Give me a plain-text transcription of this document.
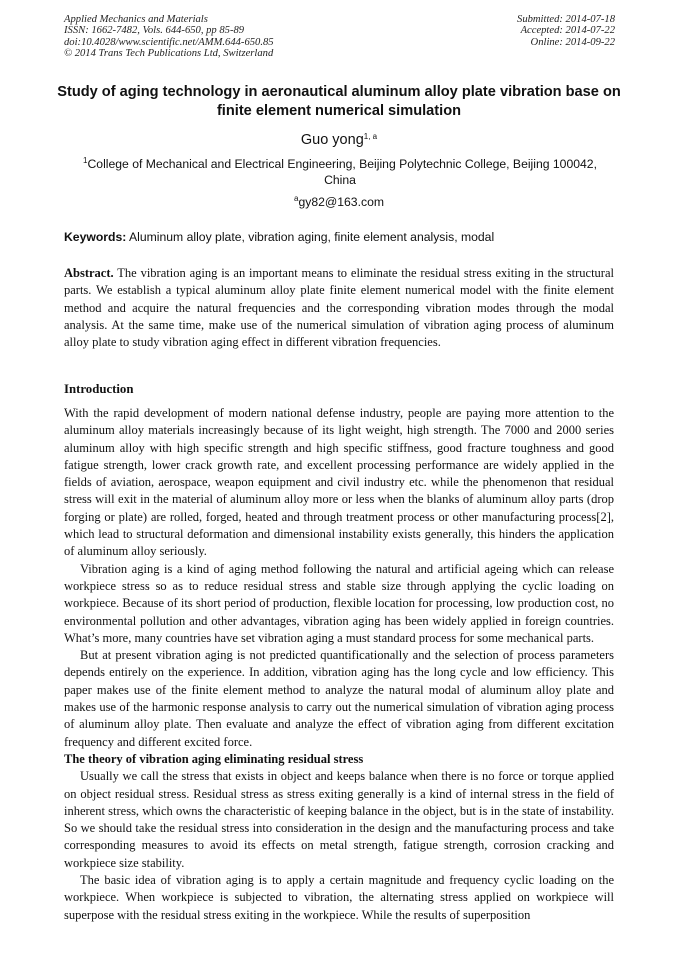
Applied Mechanics and Materials
ISSN: 1662-7482, Vols. 644-650, pp 85-89
doi:10.4028/www.scientific.net/AMM.644-650.85
© 2014 Trans Tech Publications Ltd, Switzerland
Submitted: 2014-07-18
Accepted: 2014-07-22
Online: 2014-09-22
Study of aging technology in aeronautical aluminum alloy plate vibration base on finite element numerical simulation
Guo yong$^{1, a}$
$^1$College of Mechanical and Electrical Engineering, Beijing Polytechnic College, Beijing 100042, China
$^a$gy82@163.com
Keywords: Aluminum alloy plate, vibration aging, finite element analysis, modal
Abstract. The vibration aging is an important means to eliminate the residual stress exiting in the structural parts. We establish a typical aluminum alloy plate finite element numerical model with the finite element method and acquire the natural frequencies and the corresponding vibration modes through the modal analysis. At the same time, make use of the numerical simulation of vibration aging process of aluminum alloy plate to study vibration aging effect in different vibration frequencies.
Introduction

With the rapid development of modern national defense industry, people are paying more attention to the aluminum alloy materials increasingly because of its light weight, high strength. The 7000 and 2000 series aluminum alloy with high specific strength and high specific stiffness, good fracture toughness and good fatigue strength, lower crack growth rate, and excellent processing performance are widely applied in the fields of aviation, aerospace, weapon equipment and civil industry etc. while the phenomenon that residual stress will exit in the material of aluminum alloy more or less when the blanks of aluminum alloy parts (drop forging or plate) are rolled, forged, heated and through treatment process or other manufacturing process[2], which lead to structural deformation and dimensional instability exists generally, this hinders the application of aluminum alloy seriously.

Vibration aging is a kind of aging method following the natural and artificial ageing which can release workpiece stress so as to reduce residual stress and stable size through applying the cyclic loading on workpiece. Because of its short period of production, flexible location for processing, low production cost, no environmental pollution and other advantages, vibration aging has been widely applied in foreign countries. What’s more, many countries have set vibration aging a must standard process for some mechanical parts.

But at present vibration aging is not predicted quantificationally and the selection of process parameters depends entirely on the experience. In addition, vibration aging has the long cycle and low efficiency. This paper makes use of the finite element method to analyze the natural modal of aluminum alloy plate and makes use of the harmonic response analysis to carry out the numerical simulation of vibration aging process of aluminum alloy plate. Then evaluate and analyze the effect of vibration aging from different excitation frequency and different excited force.

The theory of vibration aging eliminating residual stress

Usually we call the stress that exists in object and keeps balance when there is no force or torque applied on object residual stress. Residual stress as stress exiting generally is a kind of internal stress in the field of inherent stress, which owns the characteristic of keeping balance in the object, but is in the state of instability. So we should take the residual stress into consideration in the design and the manufacturing process and take corresponding measures to avoid its effects on metal strength, fatigue strength, corrosion cracking and workpiece size stability.

The basic idea of vibration aging is to apply a certain magnitude and frequency cyclic loading on the workpiece. When workpiece is subjected to vibration, the alternating stress applied on workpiece will superpose with the residual stress exiting in the workpiece. While the results of superposition
